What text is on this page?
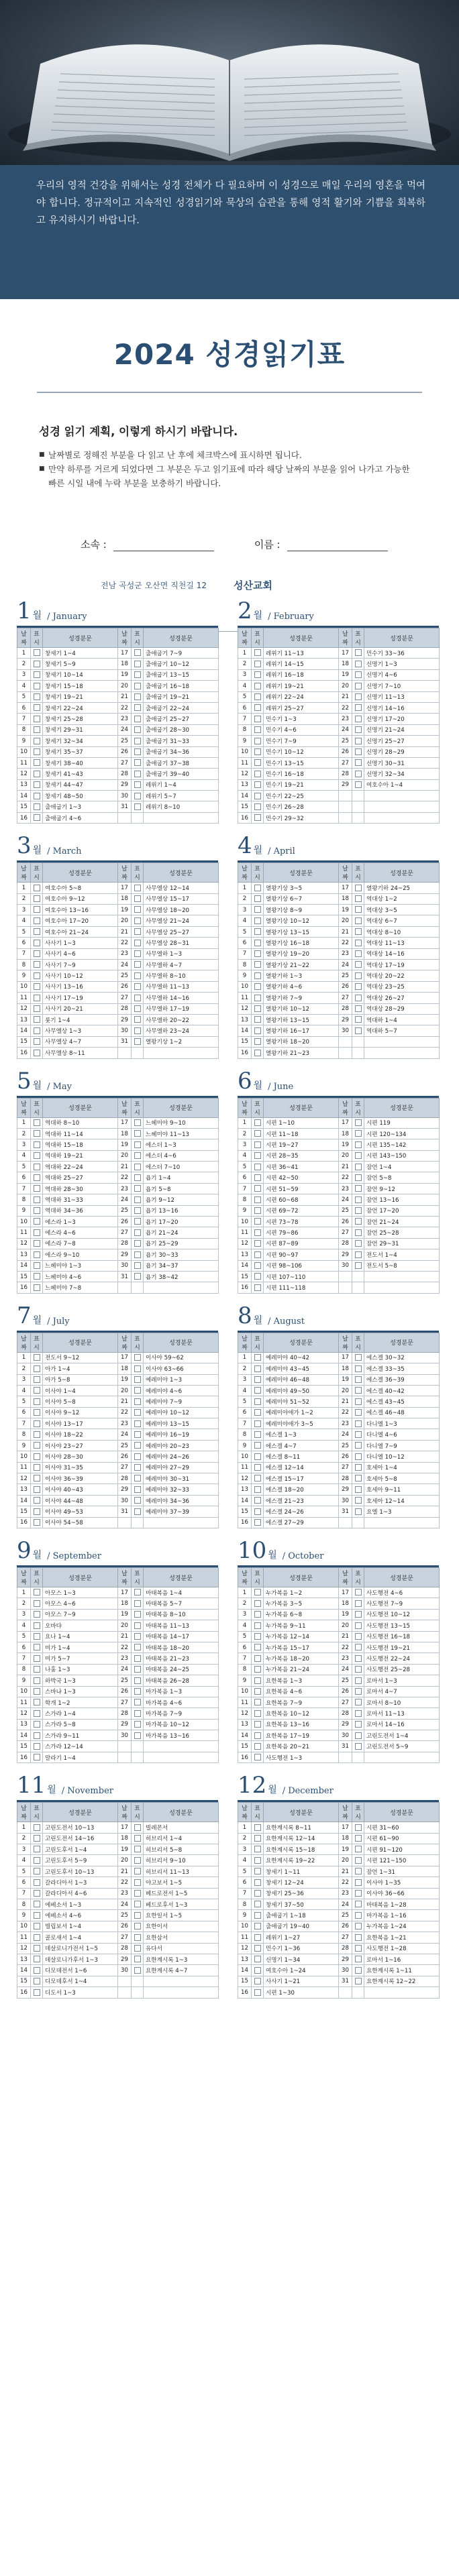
우리의 영적 건강을 위해서는 성경 전체가 다 필요하며 이 성경으로 매일 우리의 영혼을 먹여야 합니다. 정규적이고 지속적인 성경읽기와 묵상의 습관을 통해 영적 활기와 기쁨을 회복하고 유지하시기 바랍니다.

2024 성경읽기표
성경 읽기 계획, 이렇게 하시기 바랍니다.
■ 날짜별로 정해진 부분을 다 읽고 난 후에 체크박스에 표시하면 됩니다.
■ 만약 하루를 거르게 되었다면 그 부분은 두고 읽기표에 따라 해당 날짜의 부분을 읽어 나가고 가능한 빠른 시일 내에 누락 부분을 보충하기 바랍니다.
소속 :	이름 :
전남 곡성군 오산면 직천길 12	성산교회
1 월 / January
날짜	표시	성경분문	날짜	표시	성경분문
1		창세기 1~4	17		출애굽기 7~9
2		창세기 5~9	18		출애굽기 10~12
3		창세기 10~14	19		출애굽기 13~15
4		창세기 15~18	20		출애굽기 16~18
5		창세기 19~21	21		출애굽기 19~21
6		창세기 22~24	22		출애굽기 22~24
7		창세기 25~28	23		출애굽기 25~27
8		창세기 29~31	24		출애굽기 28~30
9		창세기 32~34	25		출애굽기 31~33
10		창세기 35~37	26		출애굽기 34~36
11		창세기 38~40	27		출애굽기 37~38
12		창세기 41~43	28		출애굽기 39~40
13		창세기 44~47	29		레위기 1~4
14		창세기 48~50	30		레위기 5~7
15		출애굽기 1~3	31		레위기 8~10
16		출애굽기 4~6			
2 월 / February
날짜	표시	성경분문	날짜	표시	성경분문
1		레위기 11~13	17		민수기 33~36
2		레위기 14~15	18		신명기 1~3
3		레위기 16~18	19		신명기 4~6
4		레위기 19~21	20		신명기 7~10
5		레위기 22~24	21		신명기 11~13
6		레위기 25~27	22		신명기 14~16
7		민수기 1~3	23		신명기 17~20
8		민수기 4~6	24		신명기 21~24
9		민수기 7~9	25		신명기 25~27
10		민수기 10~12	26		신명기 28~29
11		민수기 13~15	27		신명기 30~31
12		민수기 16~18	28		신명기 32~34
13		민수기 19~21	29		여호수아 1~4
14		민수기 22~25			
15		민수기 26~28			
16		민수기 29~32			
3 월 / March
날짜	표시	성경분문	날짜	표시	성경분문
1		여호수아 5~8	17		사무엘상 12~14
2		여호수아 9~12	18		사무엘상 15~17
3		여호수아 13~16	19		사무엘상 18~20
4		여호수아 17~20	20		사무엘상 21~24
5		여호수아 21~24	21		사무엘상 25~27
6		사사기 1~3	22		사무엘상 28~31
7		사사기 4~6	23		사무엘하 1~3
8		사사기 7~9	24		사무엘하 4~7
9		사사기 10~12	25		사무엘하 8~10
10		사사기 13~16	26		사무엘하 11~13
11		사사기 17~19	27		사무엘하 14~16
12		사사기 20~21	28		사무엘하 17~19
13		룻기 1~4	29		사무엘하 20~22
14		사무엘상 1~3	30		사무엘하 23~24
15		사무엘상 4~7	31		열왕기상 1~2
16		사무엘상 8~11			
4 월 / April
날짜	표시	성경분문	날짜	표시	성경분문
1		열왕기상 3~5	17		열왕기하 24~25
2		열왕기상 6~7	18		역대상 1~2
3		열왕기상 8~9	19		역대상 3~5
4		열왕기상 10~12	20		역대상 6~7
5		열왕기상 13~15	21		역대상 8~10
6		열왕기상 16~18	22		역대상 11~13
7		열왕기상 19~20	23		역대상 14~16
8		열왕기상 21~22	24		역대상 17~19
9		열왕기하 1~3	25		역대상 20~22
10		열왕기하 4~6	26		역대상 23~25
11		열왕기하 7~9	27		역대상 26~27
12		열왕기하 10~12	28		역대상 28~29
13		열왕기하 13~15	29		역대하 1~4
14		열왕기하 16~17	30		역대하 5~7
15		열왕기하 18~20			
16		열왕기하 21~23			
5 월 / May
날짜	표시	성경분문	날짜	표시	성경분문
1		역대하 8~10	17		느헤미야 9~10
2		역대하 11~14	18		느헤미야 11~13
3		역대하 15~18	19		에스더 1~3
4		역대하 19~21	20		에스더 4~6
5		역대하 22~24	21		에스더 7~10
6		역대하 25~27	22		욥기 1~4
7		역대하 28~30	23		욥기 5~8
8		역대하 31~33	24		욥기 9~12
9		역대하 34~36	25		욥기 13~16
10		에스라 1~3	26		욥기 17~20
11		에스라 4~6	27		욥기 21~24
12		에스라 7~8	28		욥기 25~29
13		에스라 9~10	29		욥기 30~33
14		느헤미야 1~3	30		욥기 34~37
15		느헤미야 4~6	31		욥기 38~42
16		느헤미야 7~8			
6 월 / June
날짜	표시	성경분문	날짜	표시	성경분문
1		시편 1~10	17		시편 119
2		시편 11~18	18		시편 120~134
3		시편 19~27	19		시편 135~142
4		시편 28~35	20		시편 143~150
5		시편 36~41	21		잠언 1~4
6		시편 42~50	22		잠언 5~8
7		시편 51~59	23		잠언 9~12
8		시편 60~68	24		잠언 13~16
9		시편 69~72	25		잠언 17~20
10		시편 73~78	26		잠언 21~24
11		시편 79~86	27		잠언 25~28
12		시편 87~89	28		잠언 29~31
13		시편 90~97	29		전도서 1~4
14		시편 98~106	30		전도서 5~8
15		시편 107~110			
16		시편 111~118			
7 월 / July
날짜	표시	성경분문	날짜	표시	성경분문
1		전도서 9~12	17		이사야 59~62
2		아가 1~4	18		이사야 63~66
3		아가 5~8	19		예레미야 1~3
4		이사야 1~4	20		예레미야 4~6
5		이사야 5~8	21		예레미야 7~9
6		이사야 9~12	22		예레미야 10~12
7		이사야 13~17	23		예레미야 13~15
8		이사야 18~22	24		예레미야 16~19
9		이사야 23~27	25		예레미야 20~23
10		이사야 28~30	26		예레미야 24~26
11		이사야 31~35	27		예레미야 27~29
12		이사야 36~39	28		예레미야 30~31
13		이사야 40~43	29		예레미야 32~33
14		이사야 44~48	30		예레미야 34~36
15		이사야 49~53	31		예레미야 37~39
16		이사야 54~58			
8 월 / August
날짜	표시	성경분문	날짜	표시	성경분문
1		예레미야 40~42	17		에스겔 30~32
2		예레미야 43~45	18		에스겔 33~35
3		예레미야 46~48	19		에스겔 36~39
4		예레미야 49~50	20		에스겔 40~42
5		예레미야 51~52	21		에스겔 43~45
6		예레미야애가 1~2	22		에스겔 46~48
7		예레미야애가 3~5	23		다니엘 1~3
8		에스겔 1~3	24		다니엘 4~6
9		에스겔 4~7	25		다니엘 7~9
10		에스겔 8~11	26		다니엘 10~12
11		에스겔 12~14	27		호세아 1~4
12		에스겔 15~17	28		호세아 5~8
13		에스겔 18~20	29		호세아 9~11
14		에스겔 21~23	30		호세아 12~14
15		에스겔 24~26	31		요엘 1~3
16		에스겔 27~29			
9 월 / September
날짜	표시	성경분문	날짜	표시	성경분문
1		아모스 1~3	17		마태복음 1~4
2		아모스 4~6	18		마태복음 5~7
3		아모스 7~9	19		마태복음 8~10
4		오바댜	20		마태복음 11~13
5		요나 1~4	21		마태복음 14~17
6		미가 1~4	22		마태복음 18~20
7		미가 5~7	23		마태복음 21~23
8		나훔 1~3	24		마태복음 24~25
9		하박국 1~3	25		마태복음 26~28
10		스바냐 1~3	26		마가복음 1~3
11		학개 1~2	27		마가복음 4~6
12		스가랴 1~4	28		마가복음 7~9
13		스가랴 5~8	29		마가복음 10~12
14		스가랴 9~11	30		마가복음 13~16
15		스가랴 12~14			
16		말라기 1~4			
10 월 / October
날짜	표시	성경분문	날짜	표시	성경분문
1		누가복음 1~2	17		사도행전 4~6
2		누가복음 3~5	18		사도행전 7~9
3		누가복음 6~8	19		사도행전 10~12
4		누가복음 9~11	20		사도행전 13~15
5		누가복음 12~14	21		사도행전 16~18
6		누가복음 15~17	22		사도행전 19~21
7		누가복음 18~20	23		사도행전 22~24
8		누가복음 21~24	24		사도행전 25~28
9		요한복음 1~3	25		로마서 1~3
10		요한복음 4~6	26		로마서 4~7
11		요한복음 7~9	27		로마서 8~10
12		요한복음 10~12	28		로마서 11~13
13		요한복음 13~16	29		로마서 14~16
14		요한복음 17~19	30		고린도전서 1~4
15		요한복음 20~21	31		고린도전서 5~9
16		사도행전 1~3			
11 월 / November
날짜	표시	성경분문	날짜	표시	성경분문
1		고린도전서 10~13	17		빌레몬서
2		고린도전서 14~16	18		히브리서 1~4
3		고린도후서 1~4	19		히브리서 5~8
4		고린도후서 5~9	20		히브리서 9~10
5		고린도후서 10~13	21		히브리서 11~13
6		갈라디아서 1~3	22		야고보서 1~5
7		갈라디아서 4~6	23		베드로전서 1~5
8		에베소서 1~3	24		베드로후서 1~3
9		에베소서 4~6	25		요한일서 1~5
10		빌립보서 1~4	26		요한이서
11		골로새서 1~4	27		요한삼서
12		데살로니가전서 1~5	28		유다서
13		데살로니가후서 1~3	29		요한계시록 1~3
14		디모데전서 1~6	30		요한계시록 4~7
15		디모데후서 1~4			
16		디도서 1~3			
12 월 / December
날짜	표시	성경분문	날짜	표시	성경분문
1		요한계시록 8~11	17		시편 31~60
2		요한계시록 12~14	18		시편 61~90
3		요한계시록 15~18	19		시편 91~120
4		요한계시록 19~22	20		시편 121~150
5		창세기 1~11	21		잠언 1~31
6		창세기 12~24	22		이사야 1~35
7		창세기 25~36	23		이사야 36~66
8		창세기 37~50	24		마태복음 1~28
9		출애굽기 1~18	25		마가복음 1~16
10		출애굽기 19~40	26		누가복음 1~24
11		레위기 1~27	27		요한복음 1~21
12		민수기 1~36	28		사도행전 1~28
13		신명기 1~34	29		로마서 1~16
14		여호수아 1~24	30		요한계시록 1~11
15		사사기 1~21	31		요한계시록 12~22
16		시편 1~30			
